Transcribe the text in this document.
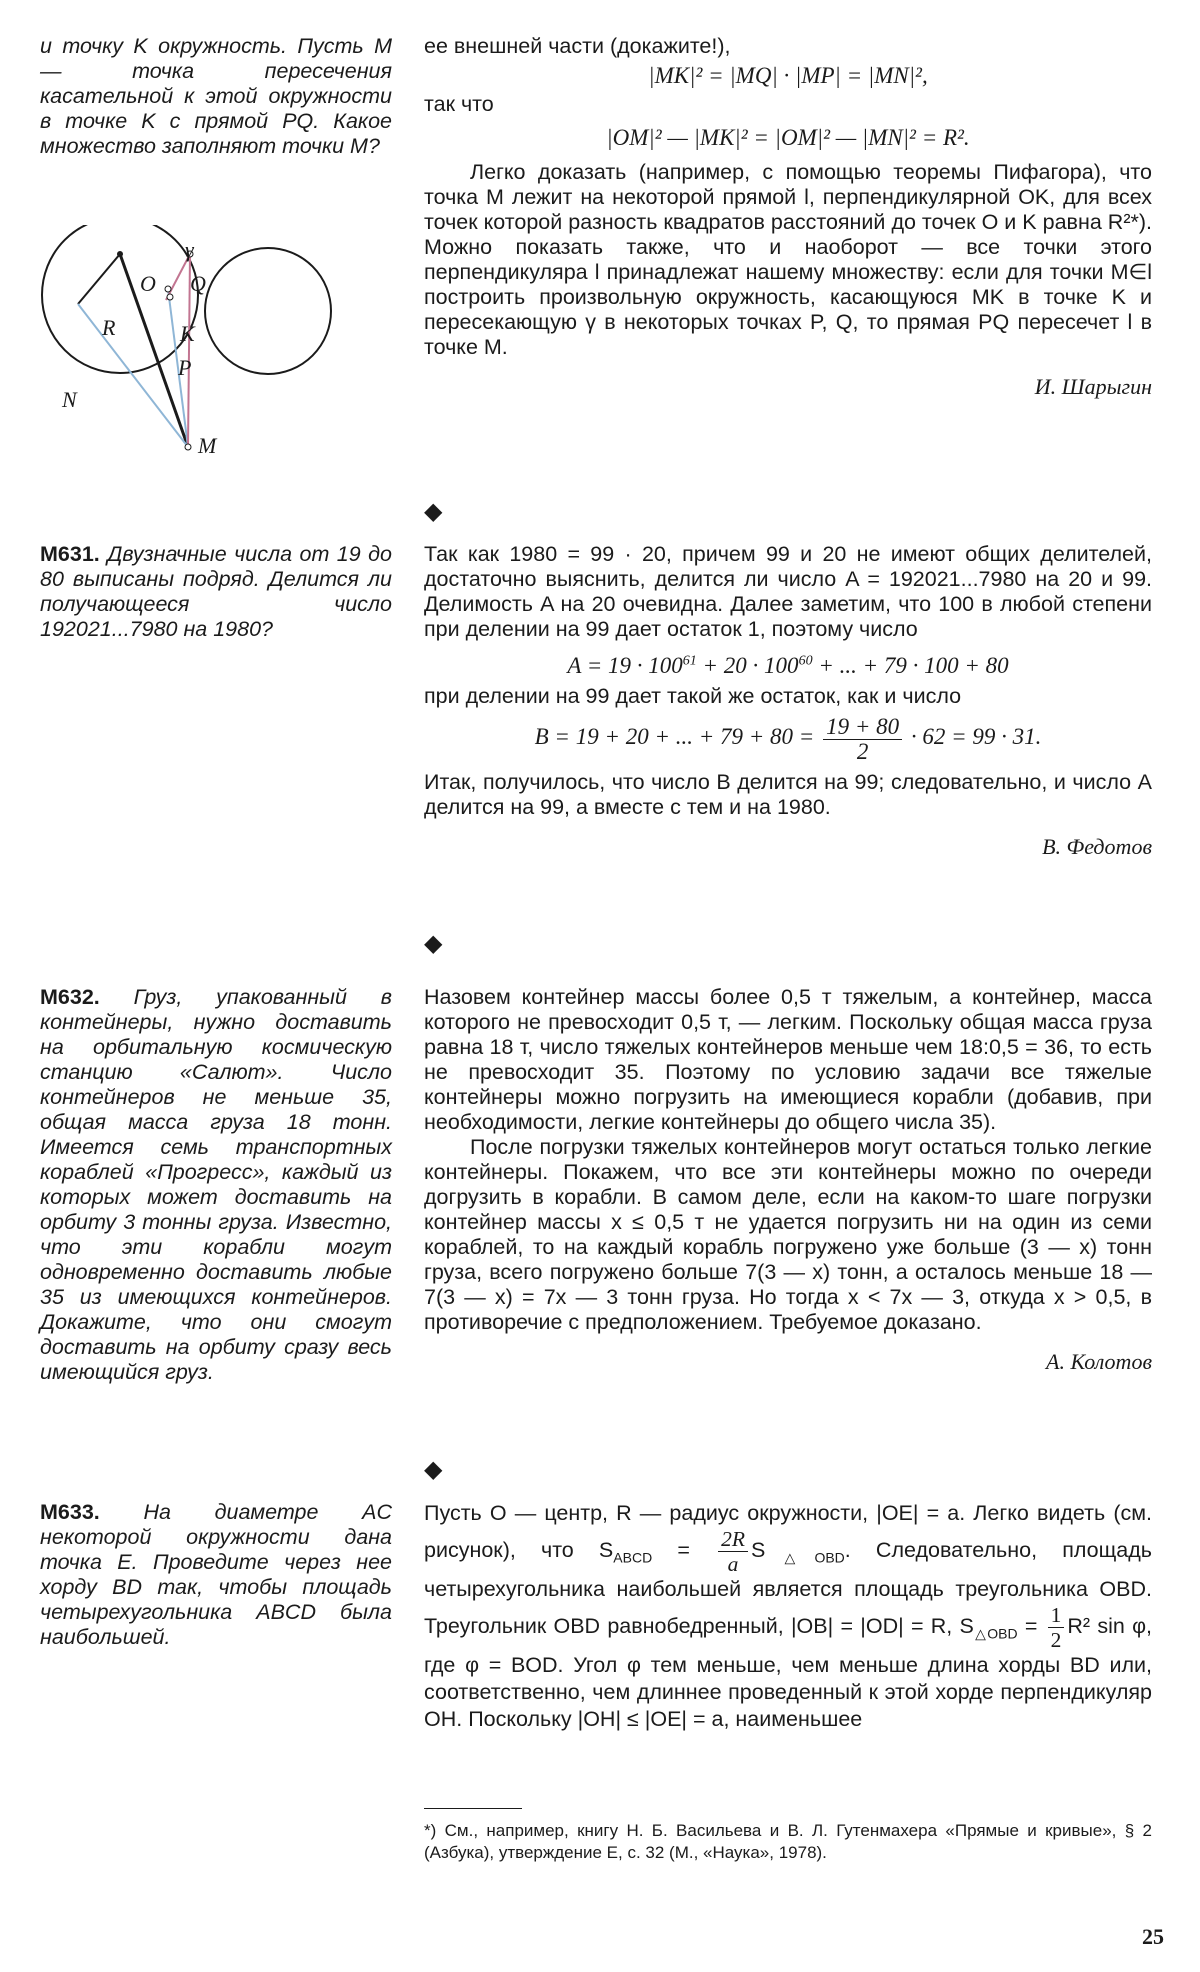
и точку K окружность. Пусть M — точка пересечения касательной к этой окружности в точке K с прямой PQ. Какое множество заполняют точки M?

γ
O
R	K
Q
P
N
M

ее внешней части (докажите!),

|MK|² = |MQ| · |MP| = |MN|²,

так что

|OM|² — |MK|² = |OM|² — |MN|² = R².

Легко доказать (например, с помощью теоремы Пифагора), что точка M лежит на некоторой прямой l, перпендикулярной OK, для всех точек которой разность квадратов расстояний до точек O и K равна R²*). Можно показать также, что и наоборот — все точки этого перпендикуляра l принадлежат нашему множеству: если для точки M∈l построить произвольную окружность, касающуюся MK в точке K и пересекающую γ в некоторых точках P, Q, то прямая PQ пересечет l в точке M.

И. Шарыгин
◆

M631. Двузначные числа от 19 до 80 выписаны подряд. Делится ли получающееся число 192021...7980 на 1980?

Так как 1980 = 99 · 20, причем 99 и 20 не имеют общих делителей, достаточно выяснить, делится ли число A = 192021...7980 на 20 и 99. Делимость A на 20 очевидна. Далее заметим, что 100 в любой степени при делении на 99 дает остаток 1, поэтому число

$A = 19 \cdot 100^{61} + 20 \cdot 100^{60}$ + ... + 79 · 100 + 80

при делении на 99 дает такой же остаток, как и число

B = 19 + 20 + ... + $79 + 80 = \frac{19 + 80}{2} \cdot 62 = 99 \cdot 31$.

Итак, получилось, что число B делится на 99; следовательно, и число A делится на 99, а вместе с тем и на 1980.

В. Федотов
◆

M632. Груз, упакованный в контейнеры, нужно доставить на орбитальную космическую станцию «Салют». Число контейнеров не меньше 35, общая масса груза 18 тонн. Имеется семь транспортных кораблей «Прогресс», каждый из которых может доставить на орбиту 3 тонны груза. Известно, что эти корабли могут одновременно доставить любые 35 из имеющихся контейнеров. Докажите, что они смогут доставить на орбиту сразу весь имеющийся груз.

Назовем контейнер массы более 0,5 т тяжелым, а контейнер, масса которого не превосходит 0,5 т, — легким. Поскольку общая масса груза равна 18 т, число тяжелых контейнеров меньше чем 18:0,5 = 36, то есть не превосходит 35. Поэтому по условию задачи все тяжелые контейнеры можно погрузить на имеющиеся корабли (добавив, при необходимости, легкие контейнеры до общего числа 35).

После погрузки тяжелых контейнеров могут остаться только легкие контейнеры. Покажем, что все эти контейнеры можно по очереди догрузить в корабли. В самом деле, если на каком-то шаге погрузки контейнер массы x ≤ 0,5 т не удается погрузить ни на один из семи кораблей, то на каждый корабль погружено уже больше (3 — x) тонн груза, всего погружено больше 7(3 — x) тонн, а осталось меньше 18 — 7(3 — x) = 7x — 3 тонн груза. Но тогда x < 7x — 3, откуда x > 0,5, в противоречие с предположением. Требуемое доказано.

А. Колотов
◆

M633. На диаметре AC некоторой окружности дана точка E. Проведите через нее хорду BD так, чтобы площадь четырехугольника ABCD была наибольшей.

Пусть O — центр, R — радиус окружности, |OE| = a. Легко видеть (см. рисунок), что $S_{ABCD} = \frac{2R}{a} S_{\triangle OBD}$. Следовательно, площадь четырехугольника наибольшей является площадь треугольника OBD. Треугольник OBD равнобедренный, |OB| = |OD| = R, $S_{\triangle OBD} = \frac{1}{2} R^2$ sin φ, где φ = BOD. Угол φ тем меньше, чем меньше длина хорды BD или, соответственно, чем длиннее проведенный к этой хорде перпендикуляр OH. Поскольку |OH| ≤ |OE| = a, наименьшее

*) См., например, книгу Н. Б. Васильева и В. Л. Гутенмахера «Прямые и кривые», § 2 (Азбука), утверждение Е, с. 32 (М., «Наука», 1978).
25
